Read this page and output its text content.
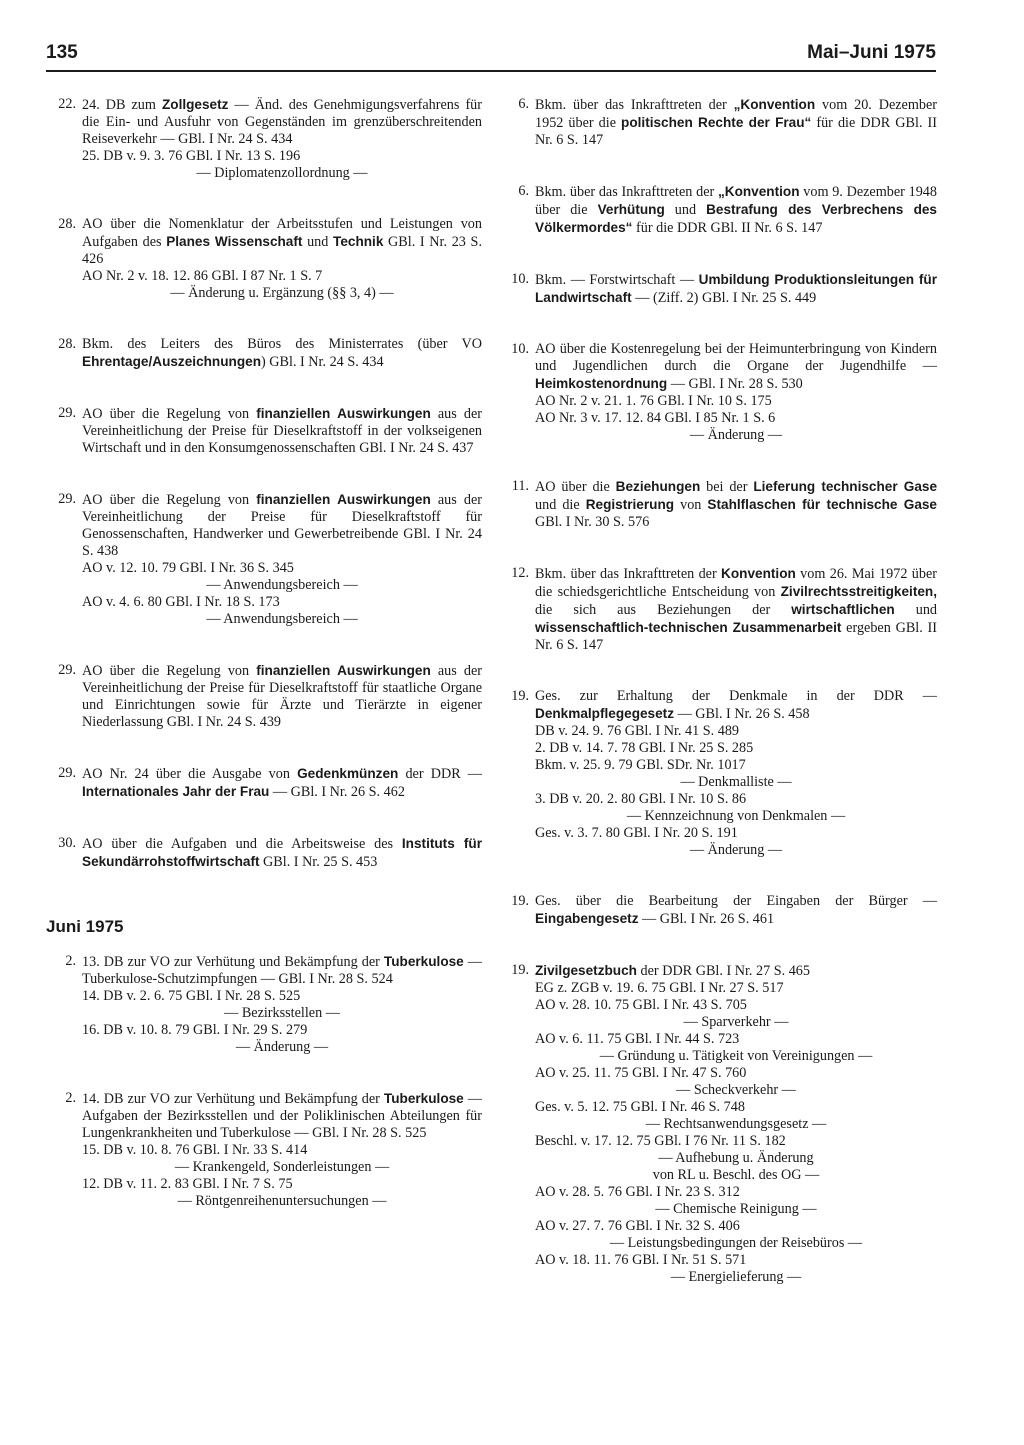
135	Mai–Juni 1975
22. 24. DB zum Zollgesetz — Änd. des Genehmigungsverfahrens für die Ein- und Ausfuhr von Gegenständen im grenzüberschreitenden Reiseverkehr — GBl. I Nr. 24 S. 434
25. DB v. 9. 3. 76 GBl. I Nr. 13 S. 196
— Diplomatenzollordnung —
28. AO über die Nomenklatur der Arbeitsstufen und Leistungen von Aufgaben des Planes Wissenschaft und Technik GBl. I Nr. 23 S. 426
AO Nr. 2 v. 18. 12. 86 GBl. I 87 Nr. 1 S. 7
— Änderung u. Ergänzung (§§ 3, 4) —
28. Bkm. des Leiters des Büros des Ministerrates (über VO Ehrentage/Auszeichnungen) GBl. I Nr. 24 S. 434
29. AO über die Regelung von finanziellen Auswirkungen aus der Vereinheitlichung der Preise für Dieselkraftstoff in der volkseigenen Wirtschaft und in den Konsumgenossenschaften GBl. I Nr. 24 S. 437
29. AO über die Regelung von finanziellen Auswirkungen aus der Vereinheitlichung der Preise für Dieselkraftstoff für Genossenschaften, Handwerker und Gewerbetreibende GBl. I Nr. 24 S. 438
AO v. 12. 10. 79 GBl. I Nr. 36 S. 345
— Anwendungsbereich —
AO v. 4. 6. 80 GBl. I Nr. 18 S. 173
— Anwendungsbereich —
29. AO über die Regelung von finanziellen Auswirkungen aus der Vereinheitlichung der Preise für Dieselkraftstoff für staatliche Organe und Einrichtungen sowie für Ärzte und Tierärzte in eigener Niederlassung GBl. I Nr. 24 S. 439
29. AO Nr. 24 über die Ausgabe von Gedenkmünzen der DDR — Internationales Jahr der Frau — GBl. I Nr. 26 S. 462
30. AO über die Aufgaben und die Arbeitsweise des Instituts für Sekundärrohstoffwirtschaft GBl. I Nr. 25 S. 453
Juni 1975
2. 13. DB zur VO zur Verhütung und Bekämpfung der Tuberkulose — Tuberkulose-Schutzimpfungen — GBl. I Nr. 28 S. 524
14. DB v. 2. 6. 75 GBl. I Nr. 28 S. 525
— Bezirksstellen —
16. DB v. 10. 8. 79 GBl. I Nr. 29 S. 279
— Änderung —
2. 14. DB zur VO zur Verhütung und Bekämpfung der Tuberkulose — Aufgaben der Bezirksstellen und der Poliklinischen Abteilungen für Lungenkrankheiten und Tuberkulose — GBl. I Nr. 28 S. 525
15. DB v. 10. 8. 76 GBl. I Nr. 33 S. 414
— Krankengeld, Sonderleistungen —
12. DB v. 11. 2. 83 GBl. I Nr. 7 S. 75
— Röntgenreihenuntersuchungen —
6. Bkm. über das Inkrafttreten der „Konvention vom 20. Dezember 1952 über die politischen Rechte der Frau“ für die DDR GBl. II Nr. 6 S. 147
6. Bkm. über das Inkrafttreten der „Konvention vom 9. Dezember 1948 über die Verhütung und Bestrafung des Verbrechens des Völkermordes“ für die DDR GBl. II Nr. 6 S. 147
10. Bkm. — Forstwirtschaft — Umbildung Produktionsleitungen für Landwirtschaft — (Ziff. 2) GBl. I Nr. 25 S. 449
10. AO über die Kostenregelung bei der Heimunterbringung von Kindern und Jugendlichen durch die Organe der Jugendhilfe — Heimkostenordnung — GBl. I Nr. 28 S. 530
AO Nr. 2 v. 21. 1. 76 GBl. I Nr. 10 S. 175
AO Nr. 3 v. 17. 12. 84 GBl. I 85 Nr. 1 S. 6
— Änderung —
11. AO über die Beziehungen bei der Lieferung technischer Gase und die Registrierung von Stahlflaschen für technische Gase GBl. I Nr. 30 S. 576
12. Bkm. über das Inkrafttreten der Konvention vom 26. Mai 1972 über die schiedsgerichtliche Entscheidung von Zivilrechtsstreitigkeiten, die sich aus Beziehungen der wirtschaftlichen und wissenschaftlich-technischen Zusammenarbeit ergeben GBl. II Nr. 6 S. 147
19. Ges. zur Erhaltung der Denkmale in der DDR — Denkmalpflegegesetz — GBl. I Nr. 26 S. 458
DB v. 24. 9. 76 GBl. I Nr. 41 S. 489
2. DB v. 14. 7. 78 GBl. I Nr. 25 S. 285
Bkm. v. 25. 9. 79 GBl. SDr. Nr. 1017
— Denkmalliste —
3. DB v. 20. 2. 80 GBl. I Nr. 10 S. 86
— Kennzeichnung von Denkmalen —
Ges. v. 3. 7. 80 GBl. I Nr. 20 S. 191
— Änderung —
19. Ges. über die Bearbeitung der Eingaben der Bürger — Eingabengesetz — GBl. I Nr. 26 S. 461
19. Zivilgesetzbuch der DDR GBl. I Nr. 27 S. 465
EG z. ZGB v. 19. 6. 75 GBl. I Nr. 27 S. 517
AO v. 28. 10. 75 GBl. I Nr. 43 S. 705
— Sparverkehr —
AO v. 6. 11. 75 GBl. I Nr. 44 S. 723
— Gründung u. Tätigkeit von Vereinigungen —
AO v. 25. 11. 75 GBl. I Nr. 47 S. 760
— Scheckverkehr —
Ges. v. 5. 12. 75 GBl. I Nr. 46 S. 748
— Rechtsanwendungsgesetz —
Beschl. v. 17. 12. 75 GBl. I 76 Nr. 11 S. 182
— Aufhebung u. Änderung
von RL u. Beschl. des OG —
AO v. 28. 5. 76 GBl. I Nr. 23 S. 312
— Chemische Reinigung —
AO v. 27. 7. 76 GBl. I Nr. 32 S. 406
— Leistungsbedingungen der Reisebüros —
AO v. 18. 11. 76 GBl. I Nr. 51 S. 571
— Energielieferung —
